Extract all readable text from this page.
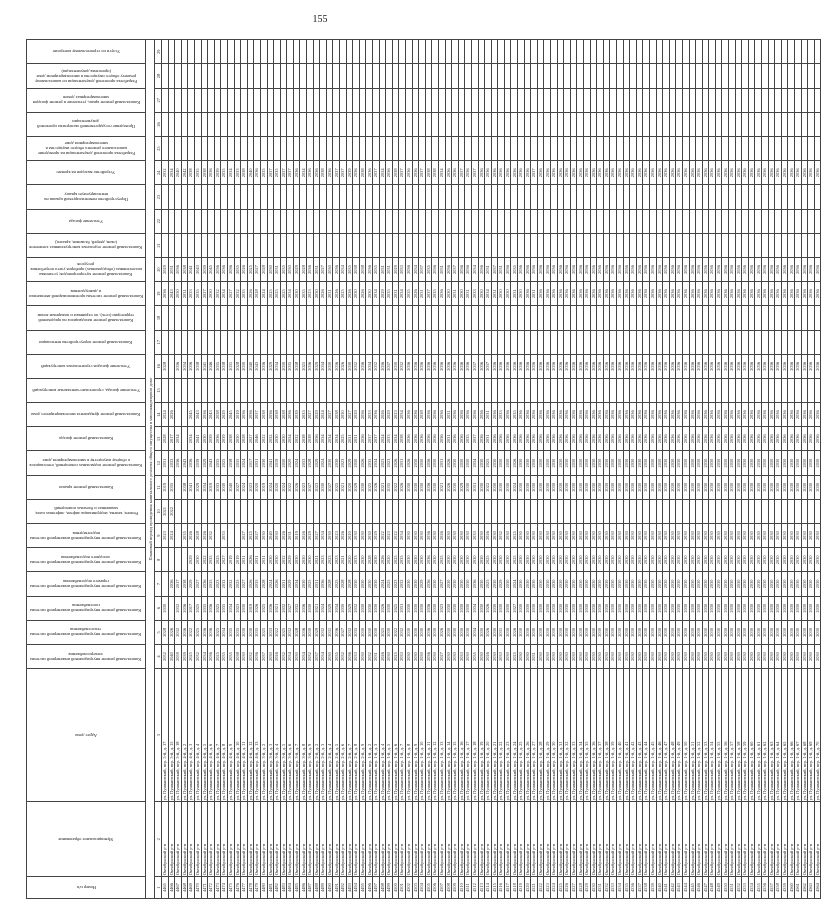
155
Номер п/п	Муниципальное образование	Адрес дома	Капитальный ремонт внутридомовой инженерной системы электроснабжения	Капитальный ремонт внутридомовой инженерной системы теплоснабжения	Капитальный ремонт внутридомовой инженерной системы газоснабжения	Капитальный ремонт внутридомовой инженерной системы горячего водоснабжения	Капитальный ремонт внутридомовой инженерной системы холодного водоснабжения	Капитальный ремонт внутридомовой инженерной системы водоотведения	Ремонт, замена, модернизация лифтов, лифтовых шахт, машинных и блочных помещений	Капитальный ремонт крыши	Капитальный ремонт подвальных помещений, относящихся к общему имуществу в многоквартирном доме	Капитальный ремонт фасада	Капитальный ремонт фундамента многоквартирного дома	Утепление фасада, строительно-монтажные конструкций	Утепление фасадов строительных конструкций	Капитальный ремонт переустройства вентиляции	Капитальный ремонт находящихся на придомовой территории (сеть), по охранным и пожарным зонам	Капитальный ремонт системы противопожарной автоматики и дымоудаления	Капитальный ремонт мусоропроводов; установка коллективных (общедомовых) приборов учета потребления ресурсов	Капитальный ремонт отдельных конструктивных элементов (окон, дверей, балконов, крылец)	Утепление фасада	Переустройство невентилируемой крыши на вентилируемую крышу	Устройство выходов на кровлю	Разработка проектной документации на проведение капитального ремонта общего имущества в многоквартирном доме	Проведение государственной экспертизы проектной документации	Капитальный ремонт крыш, утепление и ремонт фасадов многоквартирных домов	Разработка проектной документации по капитальному ремонту общего имущества в многоквартирном доме (проектная документация)	Услуги по строительному контролю

Плановый период проведения капитального ремонта общего имущества в многоквартирном доме																												
1	2	3	4	5	6	7	8	9	10	11	12	13	14	15	16	17	18	19	20	21	22	23	24	25	26	27	28	29
4465	Октябрьский р-н	ул. Пушкинский, пер. 5-й, д. 17	2052	2028	2030			2023	2021	2019	2031	2028	2024		2028			2036	2029				2032					
4466	Октябрьский р-н	ул. Пушкинский, пер. 5-й, д. 15	2040	2026		2036		2024	2022	2035	2033	2017	2026					2043	2031				2034					
4467	Октябрьский р-н	ул. Пушкинский, пер. 5-й, д. 18	2059	2032	2032	2017					2036	2034			2036			2030	2036				2040					
4468	Октябрьский р-н	ул. Пушкинский, пер. 4-й, д. 2	2039	2036	2036	2038		2035		2038	2043				2034			2031	2038				2042					
4469	Октябрьский р-н	ул. Пушкинский, пер. 4-й, д. 3	2025	2022	2017	2029	2029	2026		2041	2036	2034	2045		2036			2033	2041				2038					
4470	Октябрьский р-н	ул. Пушкинский, пер. 4-й, д. 4	2032	2025	2025	2027	2030	2028		2029	2039	2041	2043		2038			2035	2043				2035					
4471	Октябрьский р-н	ул. Пушкинский, пер. 4-й, д. 5	2034	2036	2035	2036	2022	2026		2034	2029	2030	2036		2041			2027	2039				2038					
4472	Октябрьский р-н	ул. Пушкинский, пер. 4-й, д. 6	2036	2036	2036	2035	2035	2032		2019	2043	2039	2043		2046			2030	2045				2036					
4473	Октябрьский р-н	ул. Пушкинский, пер. 4-й, д. 7	2025	2025	2025	2023	2025			2033	2035	2036	2038		2035			2032	2036				2039					
4474	Октябрьский р-н	ул. Пушкинский, пер. 4-й, д. 8	2035	2034	2035	2032	2027	2033		2030	2025	2039	2029		2038			2034	2036				2035					
4475	Октябрьский р-н	ул. Пушкинский, пер. 4-й, д. 9	2035	2035	2034	2032	2019			2040	2038	2038	2045		2031			2027	2036				2034					
4476	Октябрьский р-н	ул. Пушкинский, пер. 4-й, д. 10	2038	2035	2023	2025	2019			2027	2035	2030	2019		2028			2032	2035				2033					
4477	Октябрьский р-н	ул. Пушкинский, пер. 4-й, д. 11	2030	2030	2030	2027	2031	2027		2024	2024	2028	2036		2030			2035	2026				2038					
4478	Октябрьский р-н	ул. Пушкинский, пер. 4-й, д. 12	2032	2030	2019	2026	2026	2025		2023	2017	2027	2036		2040			2026	2025				2040					
4479	Октябрьский р-н	ул. Пушкинский, пер. 4-й, д. 13	2036	2035	2026	2035	2031	2027		2020	2031	2046	2037		2043			2028	2027				2036					
4480	Октябрьский р-н	ул. Пушкинский, пер. 3-й, д. 2	2037	2025	2025	2028	2031	2030		2019	2030	2022	2038		2036			2024	2028				2035					
4481	Октябрьский р-н	ул. Пушкинский, пер. 3-й, д. 3	2030	2033	2036	2024	2030	2040		2024	2041	2032	2036		2029			2025	2030				2037					
4482	Октябрьский р-н	ул. Пушкинский, пер. 3-й, д. 4	2026	2022	2021	2026	2030	2030		2020	2019	2030	2038		2034			2025	2031				2035					
4483	Октябрьский р-н	ул. Пушкинский, пер. 3-й, д. 5	2032	2025	2032	2031	2032	2026		2024	2030	2030	2038		2030			2025	2035				2037					
4484	Октябрьский р-н	ул. Пушкинский, пер. 3-й, д. 6	2034	2032	2027	2029	2029	2031		2022	2020	2034	2036		2035			2034	2030				2037					
4485	Октябрьский р-н	ул. Пушкинский, пер. 3-й, д. 7	2030	2028	2032	2034	2030	2019		2026	2024	2032	2039		2038			2030	2029				2036					
4486	Октябрьский р-н	ул. Пушкинский, пер. 3-й, д. 8	2034	2036	2036	2030	2030	2026		2023	2033	2038	2033		2025			2035	2028				2034					
4487	Октябрьский р-н	ул. Пушкинский, пер. 3-й, д. 9	2032	2030	2030	2025	2030	2029		2027	2028	2038	2027		2036			2023	2036				2036					
4488	Октябрьский р-н	ул. Пушкинский, пер. 2-й, д. 2	2037	2029	2021	2031	2021	2027		2023	2029	2036	2029		2029			2030	2031				2036					
4489	Октябрьский р-н	ул. Пушкинский, пер. 2-й, д. 3	2034	2032	2024	2036	2023	2034		2030	2024	2034	2024		2034			2026	2027				2038					
4490	Октябрьский р-н	ул. Пушкинский, пер. 2-й, д. 4	2030	2031	2029	2028	2023	2030		2027	2030	2034	2027		2030			2031	2030				2036					
4491	Октябрьский р-н	ул. Пушкинский, пер. 2-й, д. 5	2035	2036	2034	2025	2023	2023		2025	2030	2034	2038		2036			2026	2036				2037					
4492	Октябрьский р-н	ул. Пушкинский, пер. 2-й, д. 6	2032	2027	2030	2028	2021	2026		2021	2023	2025	2030		2026			2025	2034				2037					
4493	Октябрьский р-н	ул. Пушкинский, пер. 2-й, д. 7	2036	2032	2029	2028	2020	2020		2020	2029	2031	2027		2030			2026	2035				2039					
4494	Октябрьский р-н	ул. Пушкинский, пер. 2-й, д. 8	2033	2035	2032	2030	2033	2030		2029	2030	2031	2029		2032			2030	2038				2036					
4495	Октябрьский р-н	ул. Пушкинский, пер. 2-й, д. 9	2030	2030	2030	2030	2030	2030		2030	2026	2036	2036		2036			2026	2038				2038					
4496	Октябрьский р-н	ул. Пушкинский, пер. 1-й, д. 2	2032	2030	2030	2030	2028	2030		2025	2035	2037	2033		2034			2030	2036				2036					
4497	Октябрьский р-н	ул. Пушкинский, пер. 1-й, д. 3	2031	2030	2030	2030	2030	2029		2026	2034	2037	2036		2032			2034	2035				2037					
4498	Октябрьский р-н	ул. Пушкинский, пер. 1-й, д. 4	2026	2025	2026	2024	2026	2022		2021	2023	2024	2026		2036			2029	2031				2034					
4499	Октябрьский р-н	ул. Пушкинский, пер. 1-й, д. 5	2030	2030	2030	2025	2020	2023		2035	2023	2033	2029		2037			2035	2031				2036					
4500	Октябрьский р-н	ул. Пушкинский, пер. 1-й, д. 6	2025	2022	2025	2023	2025	2022		2022	2026	2034	2023		2030			2031	2029				2038					
4501	Октябрьский р-н	ул. Пушкинский, пер. 1-й, д. 7	2033	2032	2031	2032	2035	2034		2026	2031	2038	2034		2032			2034	2033				2037					
4502	Октябрьский р-н	ул. Пушкинский, пер. 1-й, д. 8	2030	2030	2030	2030	2030	2030		2030	2026	2036	2036		2036			2035	2036				2036					
4503	Октябрьский р-н	ул. Пушкинский, пер. 1-й, д. 9	2030	2030	2030	2030	2030	2030		2030	2030	2036	2036		2036			2026	2034				2036					
4504	Октябрьский р-н	ул. Пушкинский, пер. 1-й, д. 10	2030	2030	2030	2029	2030	2030		2030	2030	2036	2038		2036			2031	2037				2037					
4505	Октябрьский р-н	ул. Пушкинский, пер. 1-й, д. 11	2036	2036	2036	2036	2036	2036		2036	2036	2036	2036		2036			2037	2035				2038					
4506	Октябрьский р-н	ул. Пушкинский, пер. 1-й, д. 12	2030	2030	2030	2030	2030	2030		2030	2030	2036	2036		2036			2035	2036				2038					
4507	Октябрьский р-н	ул. Пушкинский, пер. 1-й, д. 13	2027	2026	2023	2027	2025	2026		2021	2031	2036	2036		2036			2036	2031				2034					
4508	Октябрьский р-н	ул. Пушкинский, пер. 1-й, д. 14	2030	2030	2030	2030	2030	2030		2026	2026	2031	2031		2036			2030	2036				2036					
4509	Октябрьский р-н	ул. Пушкинский, пер. 1-й, д. 15	2030	2030	2030	2030	2030	2030		2030	2030	2036	2036		2036			2031	2037				2036					
4510	Октябрьский р-н	ул. Пушкинский, пер. 1-й, д. 16	2033	2030	2030	2030	2030	2030		2029	2030	2036	2036		2036			2030	2036				2037					
4511	Октябрьский р-н	ул. Пушкинский, пер. 1-й, д. 17	2030	2030	2030	2030	2030	2030		2030	2030	2035	2036		2036			2031	2036				2036					
4512	Октябрьский р-н	ул. Пушкинский, пер. 1-й, д. 18	2035	2034	2034	2036	2030	2033		2031	2034	2037	2036		2037			2033	2034				2037					
4513	Октябрьский р-н	ул. Пушкинский, пер. 1-й, д. 19	2030	2030	2030	2030	2030	2030		2030	2030	2036	2036		2036			2030	2036				2036					
4514	Октябрьский р-н	ул. Пушкинский, пер. 1-й, д. 20	2026	2026	2026	2025	2025	2026		2022	2025	2031	2031		2037			2034	2031				2036					
4515	Октябрьский р-н	ул. Пушкинский, пер. 1-й, д. 21	2030	2030	2030	2030	2030	2030		2030	2030	2036	2036		2036			2031	2037				2036					
4516	Октябрьский р-н	ул. Пушкинский, пер. 1-й, д. 22	2033	2031	2030	2029	2030	2032		2030	2030	2036	2033		2036			2030	2031				2036					
4517	Октябрьский р-н	ул. Пушкинский, пер. 1-й, д. 23	2030	2030	2030	2030	2030	2030		2030	2030	2036	2036		2036			2030	2036				2036					
4518	Октябрьский р-н	ул. Пушкинский, пер. 1-й, д. 24	2025	2026	2027	2024	2025	2025		2024	2026	2036	2035		2036			2031	2035				2036					
4519	Октябрьский р-н	ул. Пушкинский, пер. 1-й, д. 25	2030	2030	2030	2030	2030	2030		2030	2030	2036	2036		2036			2030	2036				2036					
4520	Октябрьский р-н	ул. Пушкинский, пер. 1-й, д. 26	2030	2030	2030	2030	2030	2030		2030	2030	2036	2036		2036			2036	2036				2036					
4521	Октябрьский р-н	ул. Пушкинский, пер. 1-й, д. 27	2031	2030	2030	2030	2030	2030		2030	2030	2036	2036		2036			2031	2036				2037					
4522	Октябрьский р-н	ул. Пушкинский, пер. 1-й, д. 28	2030	2030	2030	2030	2030	2030		2030	2030	2036	2036		2036			2036	2036				2036					
4523	Октябрьский р-н	ул. Пушкинский, пер. 1-й, д. 29	2030	2030	2030	2030	2030	2030		2030	2030	2036	2036		2036			2036	2036				2036					
4524	Октябрьский р-н	ул. Пушкинский, пер. 1-й, д. 30	2030	2030	2030	2030	2030	2030		2030	2030	2036	2036		2036			2036	2036				2036					
4525	Октябрьский р-н	ул. Пушкинский, пер. 1-й, д. 31	2030	2030	2030	2030	2030	2030		2030	2030	2036	2036		2036			2036	2036				2036					
4526	Октябрьский р-н	ул. Пушкинский, пер. 1-й, д. 32	2030	2030	2030	2030	2030	2030		2030	2030	2036	2036		2036			2036	2036				2036					
4527	Октябрьский р-н	ул. Пушкинский, пер. 1-й, д. 33	2030	2030	2030	2030	2030	2030		2030	2030	2036	2036		2036			2036	2036				2036					
4528	Октябрьский р-н	ул. Пушкинский, пер. 1-й, д. 34	2030	2030	2030	2030	2030	2030		2030	2030	2036	2036		2036			2036	2036				2036					
4529	Октябрьский р-н	ул. Пушкинский, пер. 1-й, д. 35	2030	2030	2030	2030	2030	2030		2030	2030	2036	2036		2036			2036	2036				2036					
4530	Октябрьский р-н	ул. Пушкинский, пер. 1-й, д. 36	2030	2030	2030	2030	2030	2030		2030	2030	2036	2036		2036			2036	2036				2036					
4531	Октябрьский р-н	ул. Пушкинский, пер. 1-й, д. 37	2030	2030	2030	2030	2030	2030		2030	2030	2036	2036		2036			2036	2036				2036					
4532	Октябрьский р-н	ул. Пушкинский, пер. 1-й, д. 38	2030	2030	2030	2030	2030	2030		2030	2030	2036	2036		2036			2036	2036				2036					
4533	Октябрьский р-н	ул. Пушкинский, пер. 1-й, д. 39	2030	2030	2030	2030	2030	2030		2030	2030	2036	2036		2036			2036	2036				2036					
4534	Октябрьский р-н	ул. Пушкинский, пер. 1-й, д. 40	2030	2030	2030	2030	2030	2030		2030	2030	2036	2036		2036			2036	2036				2036					
4535	Октябрьский р-н	ул. Пушкинский, пер. 1-й, д. 41	2030	2030	2030	2030	2030	2030		2030	2030	2036	2036		2036			2036	2036				2036					
4536	Октябрьский р-н	ул. Пушкинский, пер. 1-й, д. 42	2030	2030	2030	2030	2030	2030		2030	2030	2036	2036		2036			2036	2036				2036					
4537	Октябрьский р-н	ул. Пушкинский, пер. 1-й, д. 43	2030	2030	2030	2030	2030	2030		2030	2030	2036	2036		2036			2036	2036				2036					
4538	Октябрьский р-н	ул. Пушкинский, пер. 1-й, д. 44	2030	2030	2030	2030	2030	2030		2030	2030	2036	2036		2036			2036	2036				2036					
4539	Октябрьский р-н	ул. Пушкинский, пер. 1-й, д. 45	2030	2030	2030	2030	2030	2030		2030	2030	2036	2036		2036			2036	2036				2036					
4540	Октябрьский р-н	ул. Пушкинский, пер. 1-й, д. 46	2030	2030	2030	2030	2030	2030		2030	2030	2036	2036		2036			2036	2036				2036					
4541	Октябрьский р-н	ул. Пушкинский, пер. 1-й, д. 47	2030	2030	2030	2030	2030	2030		2030	2030	2036	2036		2036			2036	2036				2036					
4542	Октябрьский р-н	ул. Пушкинский, пер. 1-й, д. 48	2030	2030	2030	2030	2030	2030		2030	2030	2036	2036		2036			2036	2036				2036					
4543	Октябрьский р-н	ул. Пушкинский, пер. 1-й, д. 49	2030	2030	2030	2030	2030	2030		2030	2030	2036	2036		2036			2036	2036				2036					
4544	Октябрьский р-н	ул. Пушкинский, пер. 1-й, д. 50	2030	2030	2030	2030	2030	2030		2030	2030	2036	2036		2036			2036	2036				2036					
4545	Октябрьский р-н	ул. Пушкинский, пер. 1-й, д. 51	2030	2030	2030	2030	2030	2030		2030	2030	2036	2036		2036			2036	2036				2036					
4546	Октябрьский р-н	ул. Пушкинский, пер. 1-й, д. 52	2030	2030	2030	2030	2030	2030		2030	2030	2036	2036		2036			2036	2036				2036					
4547	Октябрьский р-н	ул. Пушкинский, пер. 1-й, д. 53	2030	2030	2030	2030	2030	2030		2030	2030	2036	2036		2036			2036	2036				2036					
4548	Октябрьский р-н	ул. Пушкинский, пер. 1-й, д. 54	2030	2030	2030	2030	2030	2030		2030	2030	2036	2036		2036			2036	2036				2036					
4549	Октябрьский р-н	ул. Пушкинский, пер. 1-й, д. 55	2030	2030	2030	2030	2030	2030		2030	2030	2036	2036		2036			2036	2036				2036					
4550	Октябрьский р-н	ул. Пушкинский, пер. 1-й, д. 56	2030	2030	2030	2030	2030	2030		2030	2030	2036	2036		2036			2036	2036				2036					
4551	Октябрьский р-н	ул. Пушкинский, пер. 1-й, д. 57	2030	2030	2030	2030	2030	2030		2030	2030	2036	2036		2036			2036	2036				2036					
4552	Октябрьский р-н	ул. Пушкинский, пер. 1-й, д. 58	2030	2030	2030	2030	2030	2030		2030	2030	2036	2036		2036			2036	2036				2036					
4553	Октябрьский р-н	ул. Пушкинский, пер. 1-й, д. 59	2030	2030	2030	2030	2030	2030		2030	2030	2036	2036		2036			2036	2036				2036					
4554	Октябрьский р-н	ул. Пушкинский, пер. 1-й, д. 60	2030	2030	2030	2030	2030	2030		2030	2030	2036	2036		2036			2036	2036				2036					
4555	Октябрьский р-н	ул. Пушкинский, пер. 1-й, д. 61	2030	2030	2030	2030	2030	2030		2030	2030	2036	2036		2036			2036	2036				2036					
4556	Октябрьский р-н	ул. Пушкинский, пер. 1-й, д. 62	2030	2030	2030	2030	2030	2030		2030	2030	2036	2036		2036			2036	2036				2036					
4557	Октябрьский р-н	ул. Пушкинский, пер. 1-й, д. 63	2030	2030	2030	2030	2030	2030		2030	2030	2036	2036		2036			2036	2036				2036					
4558	Октябрьский р-н	ул. Пушкинский, пер. 1-й, д. 64	2030	2030	2030	2030	2030	2030		2030	2030	2036	2036		2036			2036	2036				2036					
4559	Октябрьский р-н	ул. Пушкинский, пер. 1-й, д. 65	2030	2030	2030	2030	2030	2030		2030	2030	2036	2036		2036			2036	2036				2036					
4560	Октябрьский р-н	ул. Пушкинский, пер. 1-й, д. 66	2030	2030	2030	2030	2030	2030		2030	2030	2036	2036		2036			2036	2036				2036					
4561	Октябрьский р-н	ул. Пушкинский, пер. 1-й, д. 67	2030	2030	2030	2030	2030	2030		2030	2030	2036	2036		2036			2036	2036				2036					
4562	Октябрьский р-н	ул. Пушкинский, пер. 1-й, д. 68	2030	2030	2030	2030	2030	2030		2030	2030	2036	2036		2036			2036	2036				2036					
4563	Октябрьский р-н	ул. Пушкинский, пер. 1-й, д. 69	2030	2030	2030	2030	2030	2030		2030	2030	2036	2036		2036			2036	2036				2036					
4564	Октябрьский р-н	ул. Пушкинский, пер. 1-й, д. 70	2030	2030	2030	2030	2030	2030		2030	2030	2036	2036		2036			2036	2036				2036					
